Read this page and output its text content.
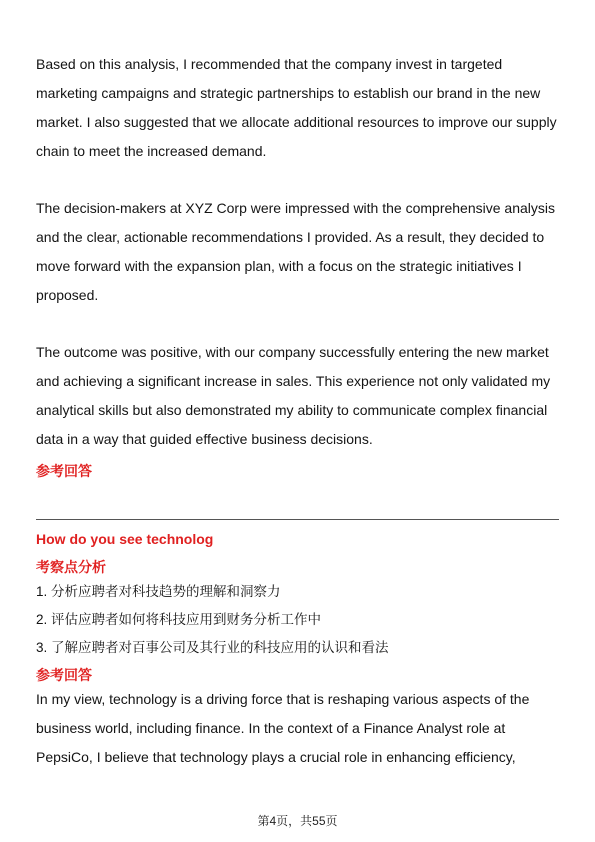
Based on this analysis, I recommended that the company invest in targeted marketing campaigns and strategic partnerships to establish our brand in the new market. I also suggested that we allocate additional resources to improve our supply chain to meet the increased demand.

The decision-makers at XYZ Corp were impressed with the comprehensive analysis and the clear, actionable recommendations I provided. As a result, they decided to move forward with the expansion plan, with a focus on the strategic initiatives I proposed.

The outcome was positive, with our company successfully entering the new market and achieving a significant increase in sales. This experience not only validated my analytical skills but also demonstrated my ability to communicate complex financial data in a way that guided effective business decisions.

参考回答

How do you see technolog

考察点分析

1. 分析应聘者对科技趋势的理解和洞察力
2. 评估应聘者如何将科技应用到财务分析工作中
3. 了解应聘者对百事公司及其行业的科技应用的认识和看法

参考回答

In my view, technology is a driving force that is reshaping various aspects of the business world, including finance. In the context of a Finance Analyst role at PepsiCo, I believe that technology plays a crucial role in enhancing efficiency,

第4页，共55页
